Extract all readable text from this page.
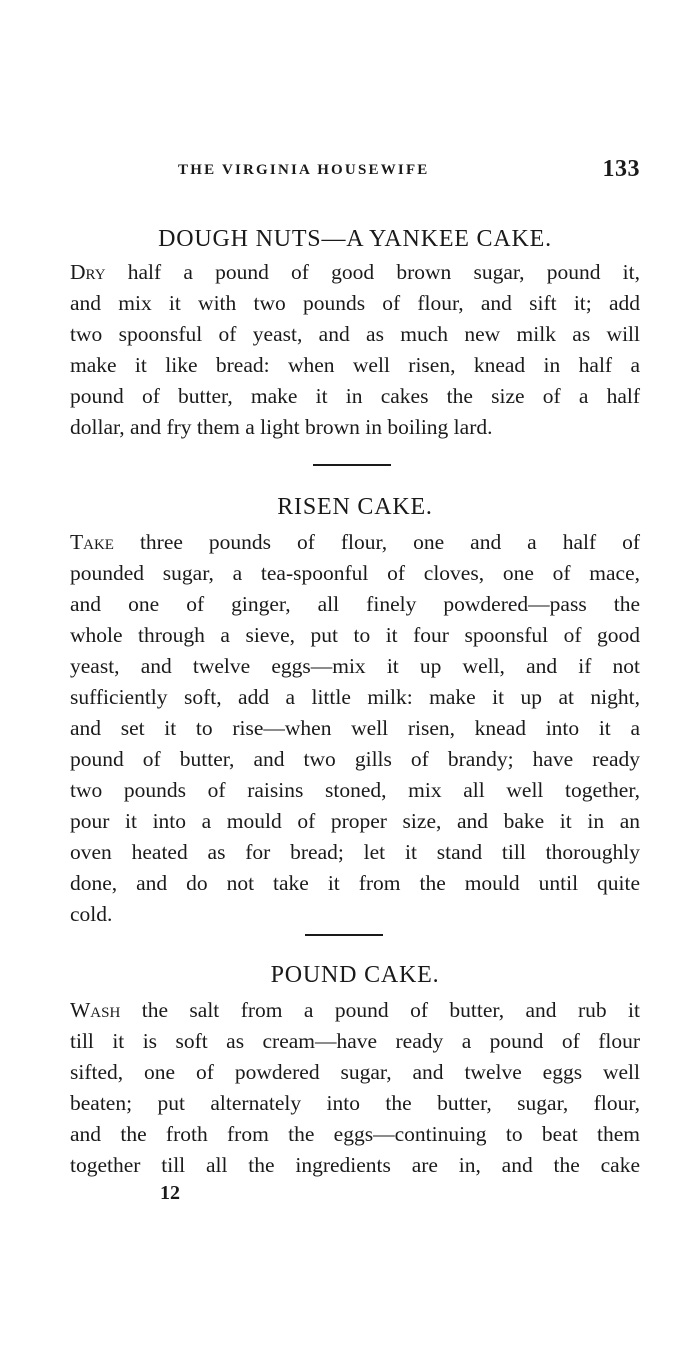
THE VIRGINIA HOUSEWIFE	133
DOUGH NUTS—A YANKEE CAKE.
Dry half a pound of good brown sugar, pound it,
and mix it with two pounds of flour, and sift it; add
two spoonsful of yeast, and as much new milk as will
make it like bread: when well risen, knead in half a
pound of butter, make it in cakes the size of a half
dollar, and fry them a light brown in boiling lard.
RISEN CAKE.
Take three pounds of flour, one and a half of
pounded sugar, a tea-spoonful of cloves, one of mace,
and one of ginger, all finely powdered—pass the
whole through a sieve, put to it four spoonsful of good
yeast, and twelve eggs—mix it up well, and if not
sufficiently soft, add a little milk: make it up at night,
and set it to rise—when well risen, knead into it a
pound of butter, and two gills of brandy; have ready
two pounds of raisins stoned, mix all well together,
pour it into a mould of proper size, and bake it in an
oven heated as for bread; let it stand till thoroughly
done, and do not take it from the mould until quite
cold.
POUND CAKE.
Wash the salt from a pound of butter, and rub it
till it is soft as cream—have ready a pound of flour
sifted, one of powdered sugar, and twelve eggs well
beaten; put alternately into the butter, sugar, flour,
and the froth from the eggs—continuing to beat them
together till all the ingredients are in, and the cake
12
